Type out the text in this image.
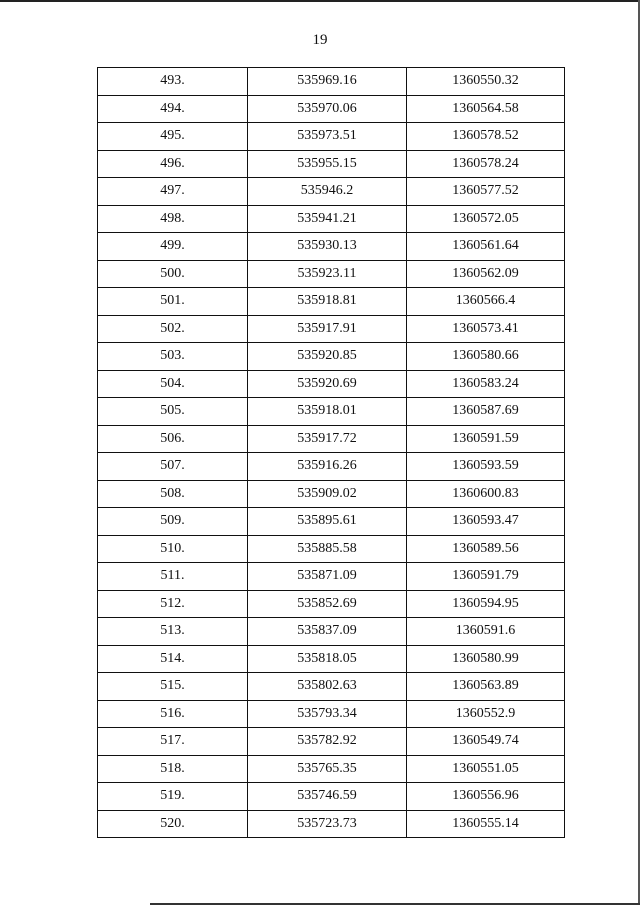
19
493.	535969.16	1360550.32
494.	535970.06	1360564.58
495.	535973.51	1360578.52
496.	535955.15	1360578.24
497.	535946.2	1360577.52
498.	535941.21	1360572.05
499.	535930.13	1360561.64
500.	535923.11	1360562.09
501.	535918.81	1360566.4
502.	535917.91	1360573.41
503.	535920.85	1360580.66
504.	535920.69	1360583.24
505.	535918.01	1360587.69
506.	535917.72	1360591.59
507.	535916.26	1360593.59
508.	535909.02	1360600.83
509.	535895.61	1360593.47
510.	535885.58	1360589.56
511.	535871.09	1360591.79
512.	535852.69	1360594.95
513.	535837.09	1360591.6
514.	535818.05	1360580.99
515.	535802.63	1360563.89
516.	535793.34	1360552.9
517.	535782.92	1360549.74
518.	535765.35	1360551.05
519.	535746.59	1360556.96
520.	535723.73	1360555.14
